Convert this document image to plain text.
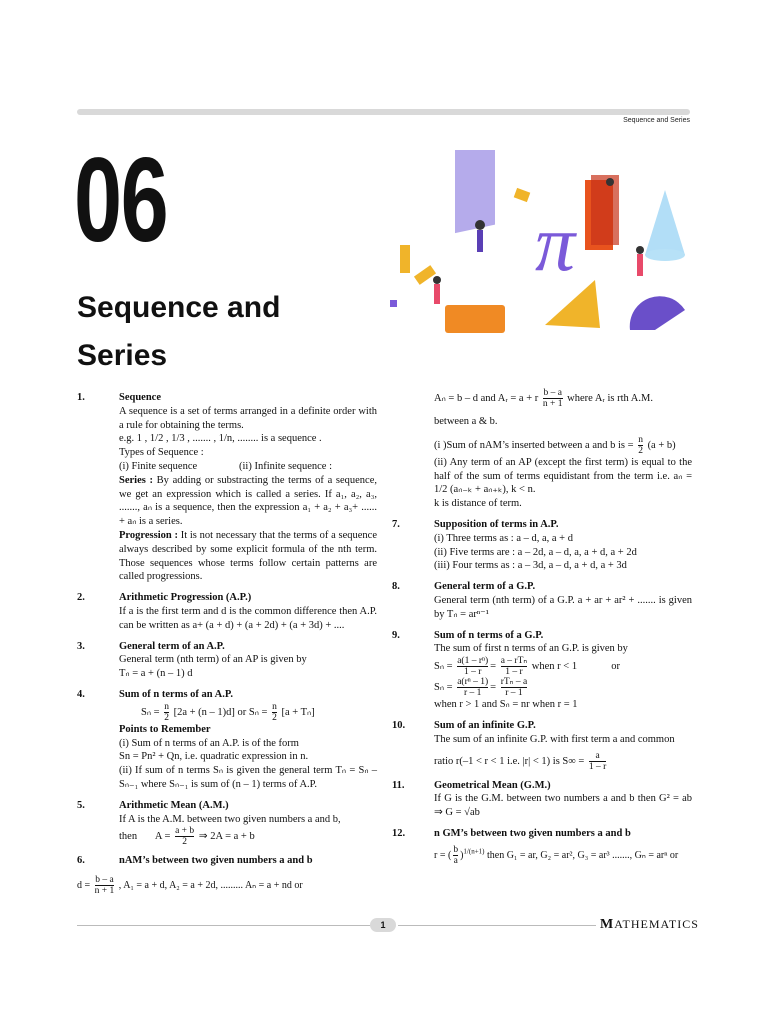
Sequence and Series
06
Sequence and Series
π
1.	Sequence

A sequence is a set of terms arranged in a definite order with a rule for obtaining the terms.

e.g. 1 , 1/2 , 1/3 , ....... , 1/n, ........ is a sequence .

Types of Sequence :

(i) Finite sequence	(ii) Infinite sequence :

Series : By adding or substracting the terms of a sequence, we get an expression which is called a series. If a₁, a₂, a₃, ......., aₙ is a sequence, then the expression a₁ + a₂ + a₃+ ...... + aₙ is a series.

Progression : It is not necessary that the terms of a sequence always described by some explicit formula of the nth term. Those sequences whose terms follow certain patterns are called progressions.

2.	Arithmetic Progression (A.P.)

If a is the first term and d is the common difference then A.P. can be written as a+ (a + d) + (a + 2d) + (a + 3d) + ....

3.	General term of an A.P.

General term (nth term) of an AP is given by

Tₙ = a + (n – 1) d

4.	Sum of n terms of an A.P.

$S_n = \frac{n}{2} [2a + (n - 1)d]$ or $S_n = \frac{n}{2} [a + T_n]$

Points to Remember

(i) Sum of n terms of an A.P. is of the form

Sn = Pn² + Qn, i.e. quadratic expression in n.

(ii) If sum of n terms Sₙ is given the general term Tₙ = Sₙ – Sₙ₋₁ where Sₙ₋₁ is sum of (n – 1) terms of A.P.

5.	Arithmetic Mean (A.M.)

If A is the A.M. between two given numbers a and b,

then $A = \frac{a + b}{2}$ ⇒ 2A = a + b

6.	nAM’s between two given numbers a and b

$d = \frac{b - a}{n + 1}$ , A₁ = a + d, A₂ = a + 2d, ......... Aₙ = a + nd or

Aₙ = b – d and Aᵣ = a + r $\frac{b - a}{n + 1}$ where Aᵣ is rth A.M.

between a & b.

(i )Sum of nAM’s inserted between a and b is = $\frac{n}{2} (a + b)$

(ii) Any term of an AP (except the first term) is equal to the half of the sum of terms equidistant from the term i.e. aₙ = 1/2 (aₙ₋ₖ + aₙ₊ₖ), k < n.

k is distance of term.

7.	Supposition of terms in A.P.

(i) Three terms as : a – d, a, a + d

(ii) Five terms are : a – 2d, a – d, a, a + d, a + 2d

(iii) Four terms as : a – 3d, a – d, a + d, a + 3d

8.	General term of a G.P.

General term (nth term) of a G.P. a + ar + ar² + ....... is given by Tₙ = arⁿ⁻¹

9.	Sum of n terms of a G.P.

The sum of first n terms of an G.P. is given by

$S_n = \frac{\text{a(1 – rⁿ)}}{1 - r} = \frac{\text{a – rTₙ}}{1 - r}$ when r < 1	or

$S_n = \frac{\text{a(rⁿ – 1)}}{r - 1} = \frac{\text{rTₙ – a}}{r - 1}$

when r > 1 and Sₙ = nr when r = 1

10.	Sum of an infinite G.P.

The sum of an infinite G.P. with first term a and common

ratio r(–1 < r < 1 i.e. |r| < 1) is $S\infty = \frac{a}{1 - r}$

11.	Geometrical Mean (G.M.)

If G is the G.M. between two numbers a and b then G² = ab ⇒ G = √ab

12.	n GM’s between two given numbers a and b

r = ( $\frac{b}{a} )^{1/(n+1)}$ then G₁ = ar, G₂ = ar², G₃ = ar³ ......., Gₙ = arⁿ or

1	MATHEMATICS
